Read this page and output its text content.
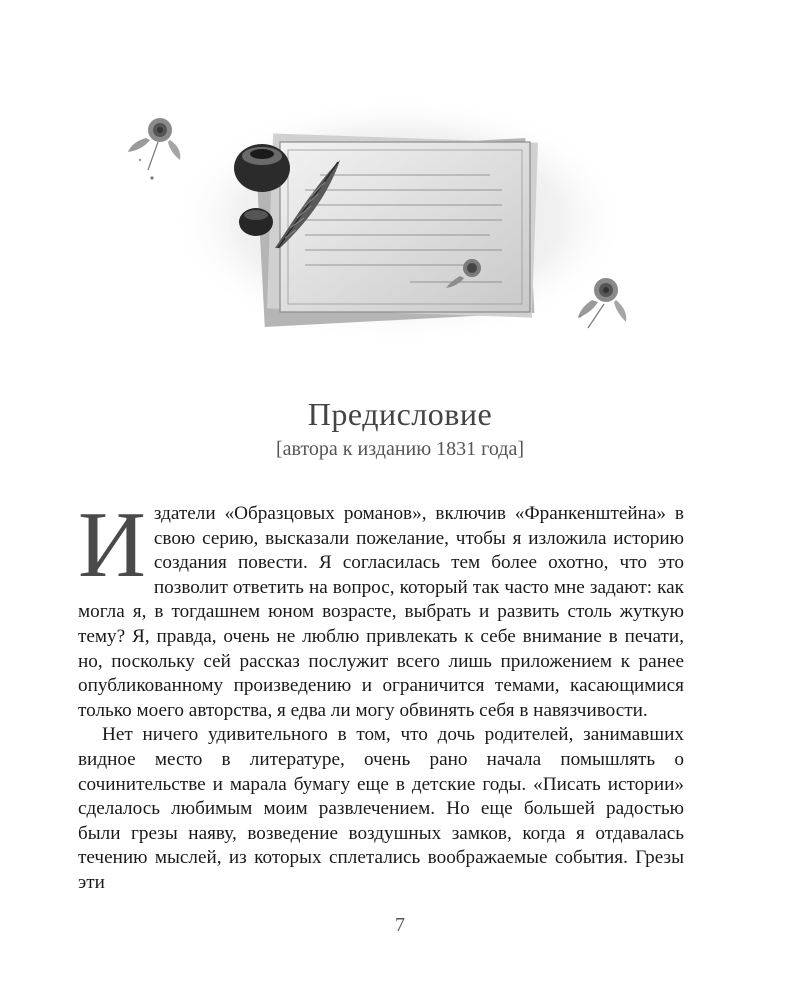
Предисловие
[автора к изданию 1831 года]

Издатели «Образцовых романов», включив «Франкенштейна» в свою серию, высказали пожелание, чтобы я изложила историю создания повести. Я согласилась тем более охотно, что это позволит ответить на вопрос, который так часто мне задают: как могла я, в тогдашнем юном возрасте, выбрать и развить столь жуткую тему? Я, правда, очень не люблю привлекать к себе внимание в печати, но, поскольку сей рассказ послужит всего лишь приложением к ранее опубликованному произведению и ограничится темами, касающимися только моего авторства, я едва ли могу обвинять себя в навязчивости.

Нет ничего удивительного в том, что дочь родителей, занимавших видное место в литературе, очень рано начала помышлять о сочинительстве и марала бумагу еще в детские годы. «Писать истории» сделалось любимым моим развлечением. Но еще большей радостью были грезы наяву, возведение воздушных замков, когда я отдавалась течению мыслей, из которых сплетались воображаемые события. Грезы эти

7
